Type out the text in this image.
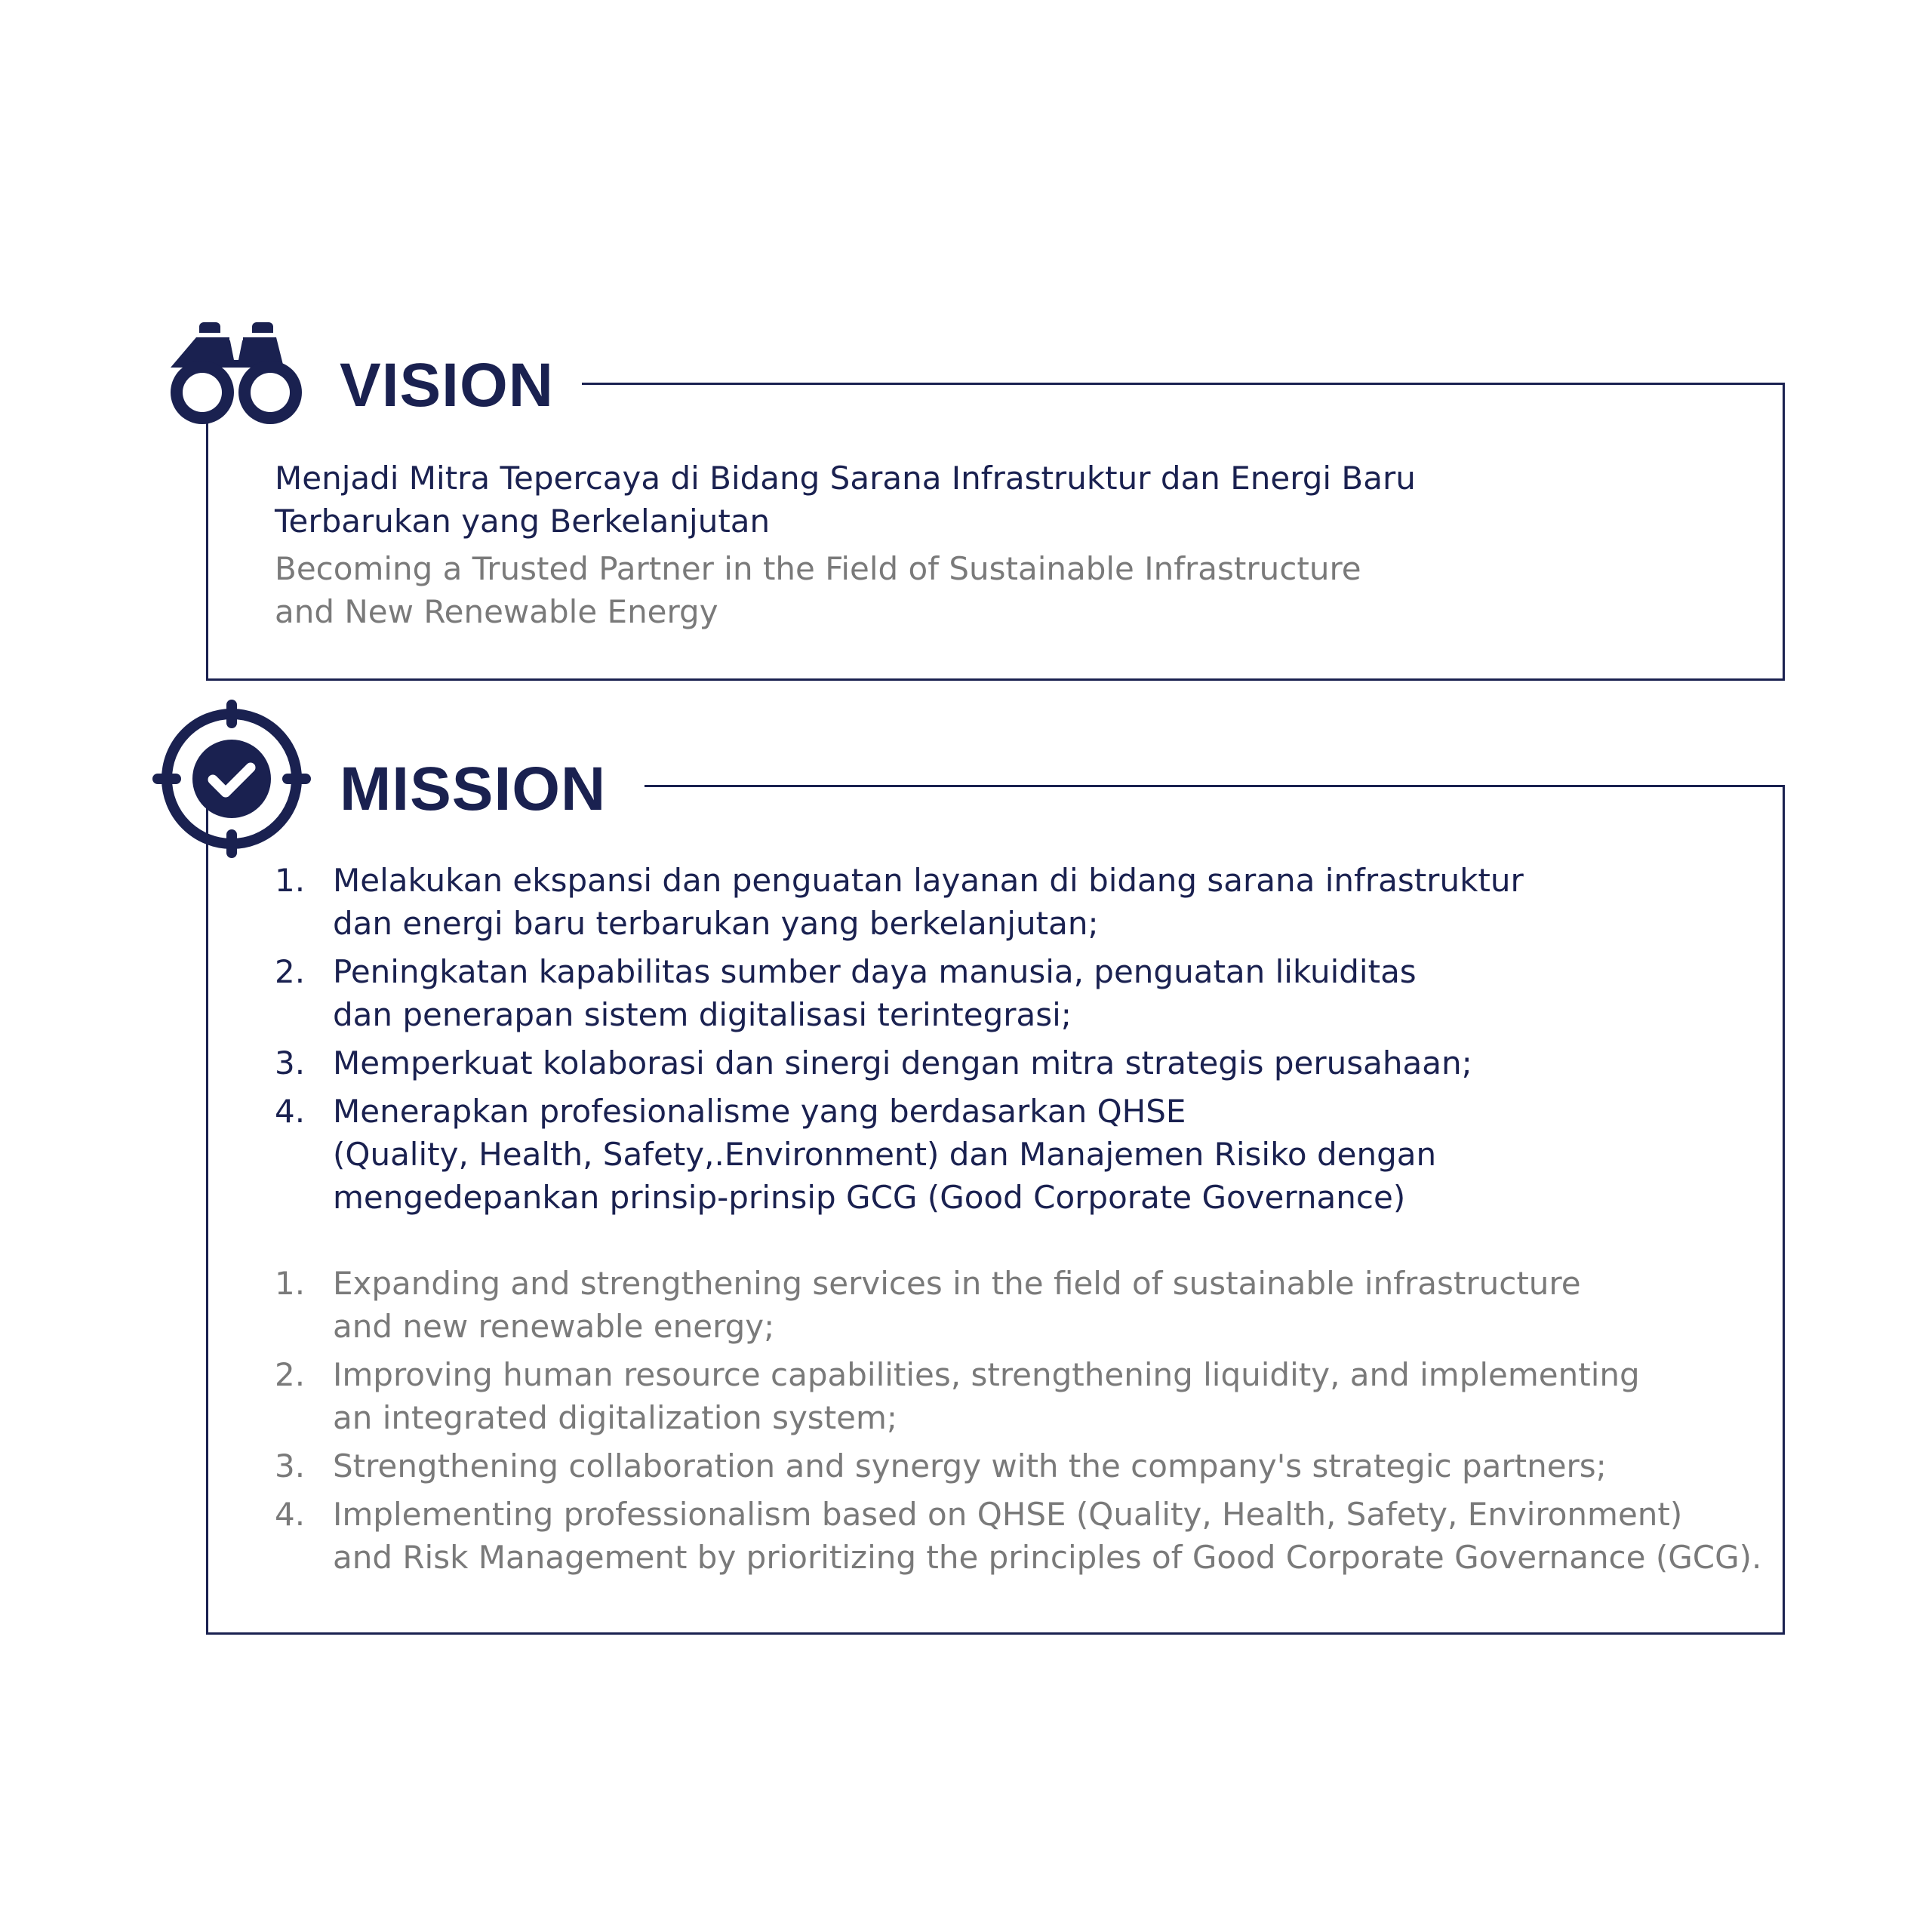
VISION
Menjadi Mitra Tepercaya di Bidang Sarana Infrastruktur dan Energi Baru
Terbarukan yang Berkelanjutan
Becoming a Trusted Partner in the Field of Sustainable Infrastructure
and New Renewable Energy
MISSION
1. Melakukan ekspansi dan penguatan layanan di bidang sarana infrastruktur
dan energi baru terbarukan yang berkelanjutan;
2. Peningkatan kapabilitas sumber daya manusia, penguatan likuiditas
dan penerapan sistem digitalisasi terintegrasi;
3. Memperkuat kolaborasi dan sinergi dengan mitra strategis perusahaan;
4. Menerapkan profesionalisme yang berdasarkan QHSE
(Quality, Health, Safety,.Environment) dan Manajemen Risiko dengan
mengedepankan prinsip-prinsip GCG (Good Corporate Governance)
1. Expanding and strengthening services in the field of sustainable infrastructure
and new renewable energy;
2. Improving human resource capabilities, strengthening liquidity, and implementing
an integrated digitalization system;
3. Strengthening collaboration and synergy with the company's strategic partners;
4. Implementing professionalism based on QHSE (Quality, Health, Safety, Environment)
and Risk Management by prioritizing the principles of Good Corporate Governance (GCG).
